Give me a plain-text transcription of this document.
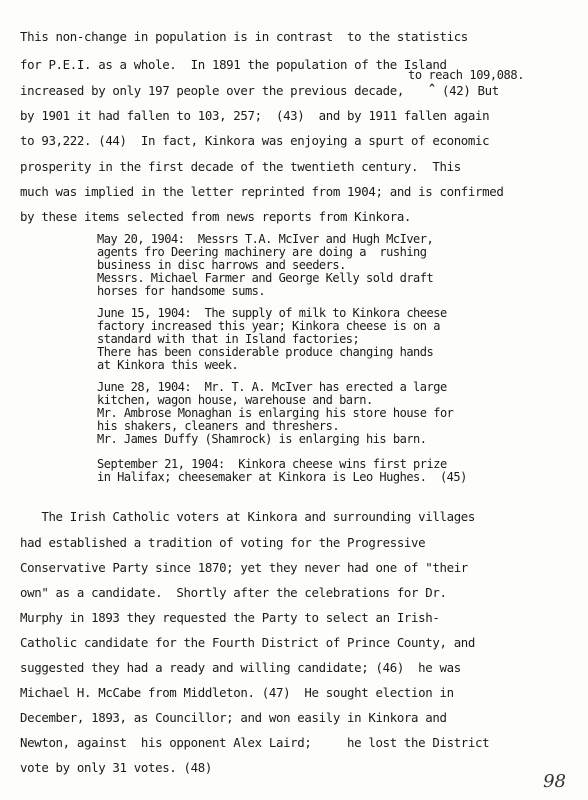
This non-change in population is in contrast  to the statistics
for P.E.I. as a whole.  In 1891 the population of the Island
to reach 109,088.
increased by only 197 people over the previous decade,	^ (42) But
by 1901 it had fallen to 103, 257;  (43)  and by 1911 fallen again
to 93,222. (44)  In fact, Kinkora was enjoying a spurt of economic
prosperity in the first decade of the twentieth century.  This
much was implied in the letter reprinted from 1904; and is confirmed
by these items selected from news reports from Kinkora.
May 20, 1904:  Messrs T.A. McIver and Hugh McIver,
agents fro Deering machinery are doing a  rushing
business in disc harrows and seeders.
Messrs. Michael Farmer and George Kelly sold draft
horses for handsome sums.
June 15, 1904:  The supply of milk to Kinkora cheese
factory increased this year; Kinkora cheese is on a
standard with that in Island factories;
There has been considerable produce changing hands
at Kinkora this week.
June 28, 1904:  Mr. T. A. McIver has erected a large
kitchen, wagon house, warehouse and barn.
Mr. Ambrose Monaghan is enlarging his store house for
his shakers, cleaners and threshers.
Mr. James Duffy (Shamrock) is enlarging his barn.
September 21, 1904:  Kinkora cheese wins first prize
in Halifax; cheesemaker at Kinkora is Leo Hughes.  (45)
The Irish Catholic voters at Kinkora and surrounding villages
had established a tradition of voting for the Progressive
Conservative Party since 1870; yet they never had one of "their
own" as a candidate.  Shortly after the celebrations for Dr.
Murphy in 1893 they requested the Party to select an Irish-
Catholic candidate for the Fourth District of Prince County, and
suggested they had a ready and willing candidate; (46)  he was
Michael H. McCabe from Middleton. (47)  He sought election in
December, 1893, as Councillor; and won easily in Kinkora and
Newton, against  his opponent Alex Laird;     he lost the District
vote by only 31 votes. (48)
98
